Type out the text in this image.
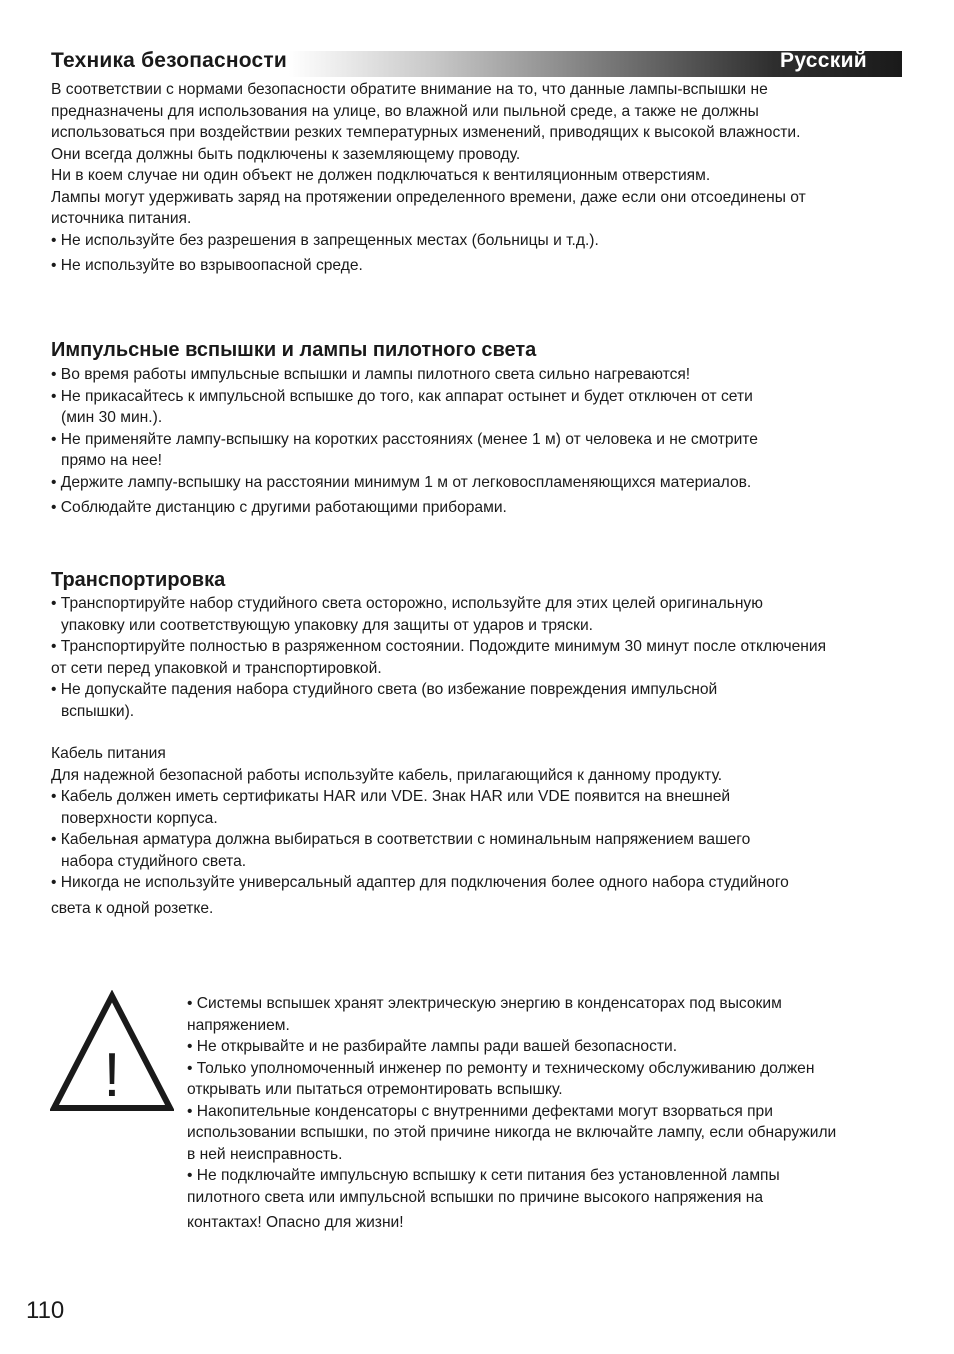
Техника безопасности	Русский

В соответствии с нормами безопасности обратите внимание на то, что данные лампы-вспышки не

предназначены для использования на улице, во влажной или пыльной среде, а также не должны

использоваться при воздействии резких температурных изменений, приводящих к высокой влажности.

Они всегда должны быть подключены к заземляющему проводу.

Ни в коем случае ни один объект не должен подключаться к вентиляционным отверстиям.

Лампы могут удерживать заряд на протяжении определенного времени, даже если они отсоединены от

источника питания.

• Не используйте без разрешения в запрещенных местах (больницы и т.д.).

• Не используйте во взрывоопасной среде.

Импульсные вспышки и лампы пилотного света

• Во время работы импульсные вспышки и лампы пилотного света сильно нагреваются!

• Не прикасайтесь к импульсной вспышке до того, как аппарат остынет и будет отключен от сети

(мин 30 мин.).

• Не применяйте лампу-вспышку на коротких расстояниях (менее 1 м) от человека и не смотрите

прямо на нее!

• Держите лампу-вспышку на расстоянии минимум 1 м от легковоспламеняющихся материалов.

• Соблюдайте дистанцию с другими работающими приборами.

Транспортировка

• Транспортируйте набор студийного света осторожно, используйте для этих целей оригинальную

упаковку или соответствующую упаковку для защиты от ударов и тряски.

• Транспортируйте полностью в разряженном состоянии. Подождите минимум 30 минут после отключения

от сети перед упаковкой и транспортировкой.

• Не допускайте падения набора студийного света (во избежание повреждения импульсной

вспышки).

Кабель питания

Для надежной безопасной работы используйте кабель, прилагающийся к данному продукту.

• Кабель должен иметь сертификаты HAR или VDE. Знак HAR или VDE появится на внешней

поверхности корпуса.

• Кабельная арматура должна выбираться в соответствии с номинальным напряжением вашего

набора студийного света.

• Никогда не используйте универсальный адаптер для подключения более одного набора студийного

света к одной розетке.

!

• Системы вспышек хранят электрическую энергию в конденсаторах под высоким

напряжением.

• Не открывайте и не разбирайте лампы ради вашей безопасности.

• Только уполномоченный инженер по ремонту и техническому обслуживанию должен

открывать или пытаться отремонтировать вспышку.

• Накопительные конденсаторы с внутренними дефектами могут взорваться при

использовании вспышки, по этой причине никогда не включайте лампу, если обнаружили

в ней неисправность.

• Не подключайте импульсную вспышку к сети питания без установленной лампы

пилотного света или импульсной вспышки по причине высокого напряжения на

контактах! Опасно для жизни!

110
